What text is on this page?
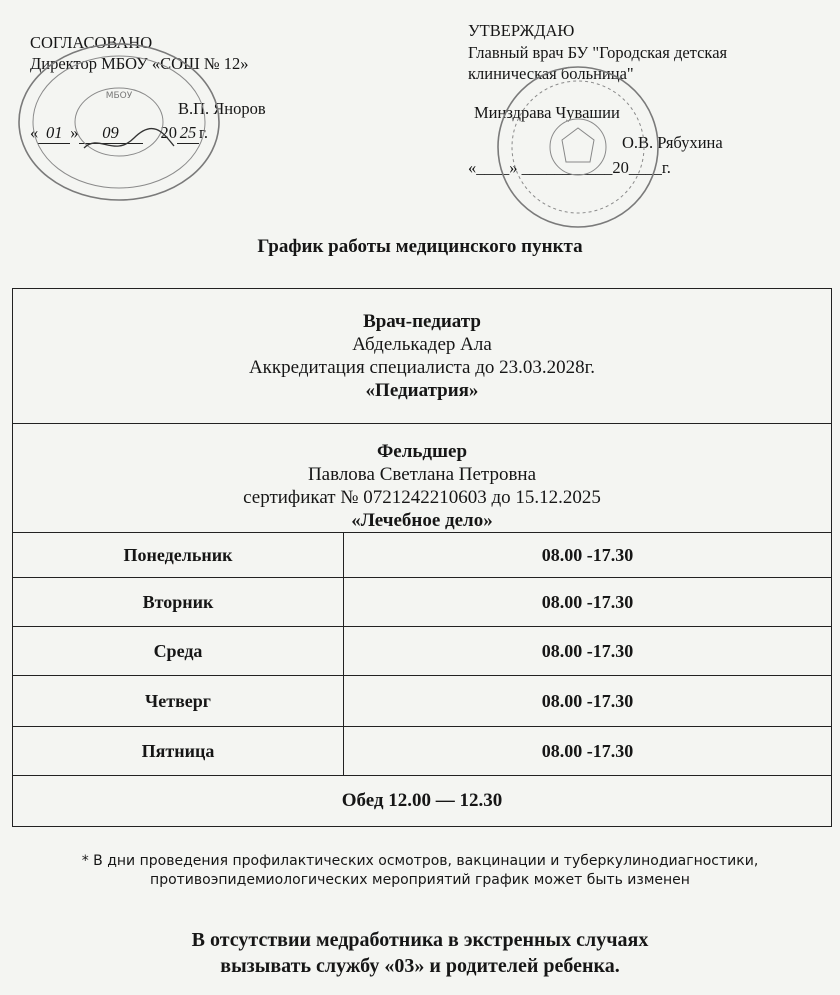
СОГЛАСОВАНО
Директор МБОУ «СОШ № 12»
В.П. Яноров
« 01 » 09	20 25 г.
МБОУ
УТВЕРЖДАЮ
Главный врач БУ "Городская детская
клиническая больница"
Минздрава Чувашии
О.В. Рябухина
«____» ___________20____г.
График работы медицинского пункта
Врач-педиатр
Абделькадер Ала
Аккредитация специалиста до 23.03.2028г.
«Педиатрия»	

Фельдшер
Павлова Светлана Петровна
сертификат № 0721242210603 до 15.12.2025
«Лечебное дело»	

Понедельник	08.00 -17.30
Вторник	08.00 -17.30
Среда	08.00 -17.30
Четверг	08.00 -17.30
Пятница	08.00 -17.30
Обед 12.00 — 12.30	
* В дни проведения профилактических осмотров, вакцинации и туберкулинодиагностики,
противоэпидемиологических мероприятий график может быть изменен
В отсутствии медработника в экстренных случаях
вызывать службу «03» и родителей ребенка.
